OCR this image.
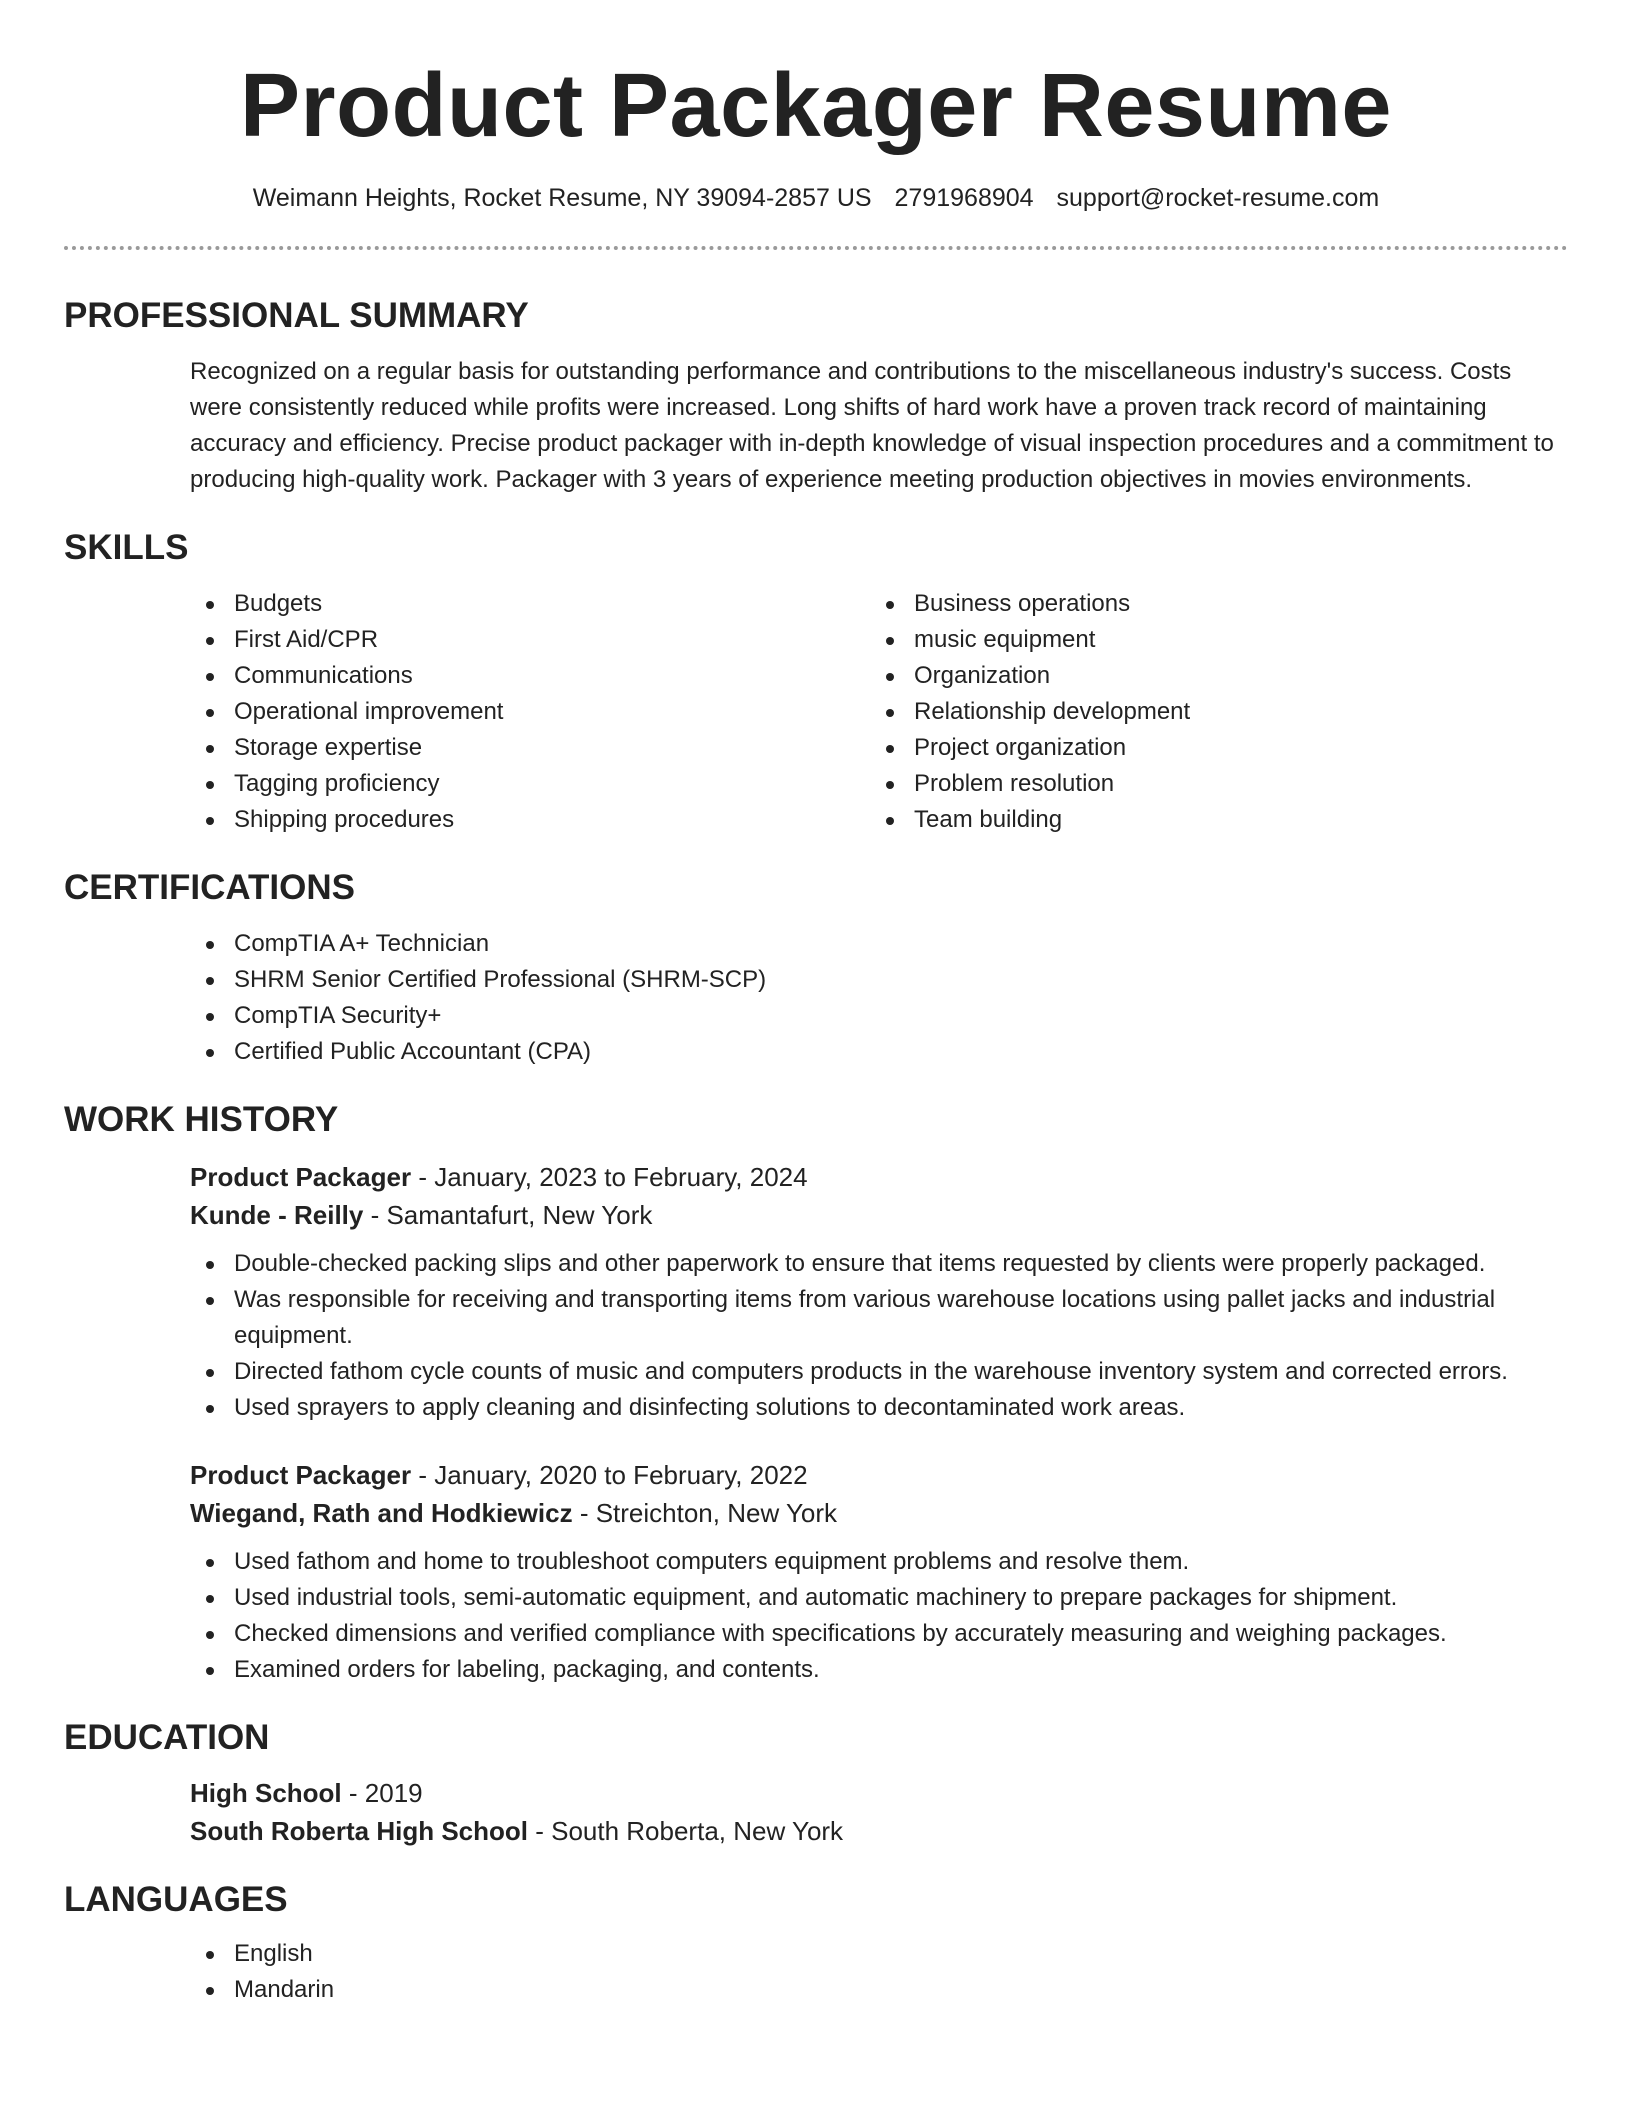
Product Packager Resume
Weimann Heights, Rocket Resume, NY 39094-2857 US 2791968904 support@rocket-resume.com
PROFESSIONAL SUMMARY

Recognized on a regular basis for outstanding performance and contributions to the miscellaneous industry's success. Costs were consistently reduced while profits were increased. Long shifts of hard work have a proven track record of maintaining accuracy and efficiency. Precise product packager with in-depth knowledge of visual inspection procedures and a commitment to producing high-quality work. Packager with 3 years of experience meeting production objectives in movies environments.

SKILLS
Budgets
First Aid/CPR
Communications
Operational improvement
Storage expertise
Tagging proficiency
Shipping procedures
Business operations
music equipment
Organization
Relationship development
Project organization
Problem resolution
Team building
CERTIFICATIONS
CompTIA A+ Technician
SHRM Senior Certified Professional (SHRM-SCP)
CompTIA Security+
Certified Public Accountant (CPA)
WORK HISTORY
Product Packager - January, 2023 to February, 2024
Kunde - Reilly - Samantafurt, New York
Double-checked packing slips and other paperwork to ensure that items requested by clients were properly packaged.
Was responsible for receiving and transporting items from various warehouse locations using pallet jacks and industrial equipment.
Directed fathom cycle counts of music and computers products in the warehouse inventory system and corrected errors.
Used sprayers to apply cleaning and disinfecting solutions to decontaminated work areas.
Product Packager - January, 2020 to February, 2022
Wiegand, Rath and Hodkiewicz - Streichton, New York
Used fathom and home to troubleshoot computers equipment problems and resolve them.
Used industrial tools, semi-automatic equipment, and automatic machinery to prepare packages for shipment.
Checked dimensions and verified compliance with specifications by accurately measuring and weighing packages.
Examined orders for labeling, packaging, and contents.
EDUCATION
High School - 2019
South Roberta High School - South Roberta, New York
LANGUAGES
English
Mandarin
